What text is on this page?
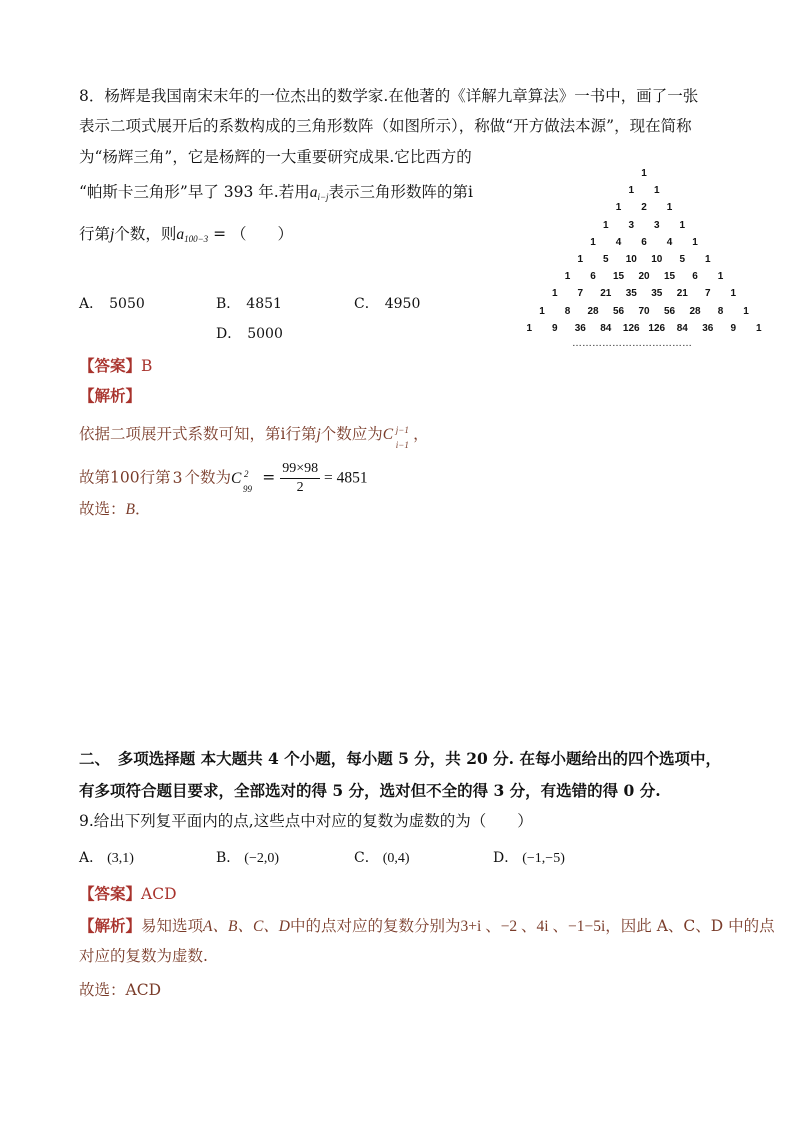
8．杨辉是我国南宋末年的一位杰出的数学家.在他著的《详解九章算法》一书中，画了一张
表示二项式展开后的系数构成的三角形数阵（如图所示），称做“开方做法本源”，现在简称
为“杨辉三角”，它是杨辉的一大重要研究成果.它比西方的
“帕斯卡三角形”早了 393 年.若用$a_{i-j}$表示三角形数阵的第i
行第j个数，则$a_{100-3}$ = （　　）
A． 5050	B． 4851	C． 4950
D． 5000
1
1	1
1	2	1
1	3	3	1
1	4	6	4	1
1	5	10	10	5	1
1	6	15	20	15	6	1
1	7	21	35	35	21	7	1
1	8	28	56	70	56	28	8	1
1	9	36	84	126 126	84	36	9	1
………………………………
【答案】B
【解析】
依据二项展开式系数可知，第i行第j个数应为C j−1
i−1
，
故第100行第 3 个数为C 2
99
= $\frac{99\times 98}{2} = 4851$
故选：B．
二、　多项选择题 本大题共 4 个小题，每小题 5 分，共 20 分. 在每小题给出的四个选项中，
有多项符合题目要求，全部选对的得 5 分，选对但不全的得 3 分，有选错的得 0 分.
9.给出下列复平面内的点,这些点中对应的复数为虚数的为（　　）
A． (3,1)	B． (−2,0)	C． (0,4)	D． (−1,−5)
【答案】ACD
【解析】易知选项A、B、C、D中的点对应的复数分别为3+i 、−2 、4i 、−1−5i，因此 A、C、D 中的点
对应的复数为虚数.
故选：ACD
